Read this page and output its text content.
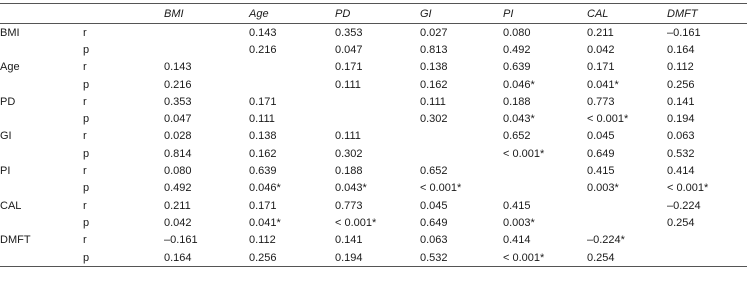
		BMI	Age	PD	GI	PI	CAL	DMFT
BMI	r		0.143	0.353	0.027	0.080	0.211	–0.161
	p		0.216	0.047	0.813	0.492	0.042	0.164
Age	r	0.143		0.171	0.138	0.639	0.171	0.112
	p	0.216		0.111	0.162	0.046*	0.041*	0.256
PD	r	0.353	0.171		0.111	0.188	0.773	0.141
	p	0.047	0.111		0.302	0.043*	< 0.001*	0.194
GI	r	0.028	0.138	0.111		0.652	0.045	0.063
	p	0.814	0.162	0.302		< 0.001*	0.649	0.532
PI	r	0.080	0.639	0.188	0.652		0.415	0.414
	p	0.492	0.046*	0.043*	< 0.001*		0.003*	< 0.001*
CAL	r	0.211	0.171	0.773	0.045	0.415		–0.224
	p	0.042	0.041*	< 0.001*	0.649	0.003*		0.254
DMFT	r	–0.161	0.112	0.141	0.063	0.414	–0.224*	
	p	0.164	0.256	0.194	0.532	< 0.001*	0.254	
